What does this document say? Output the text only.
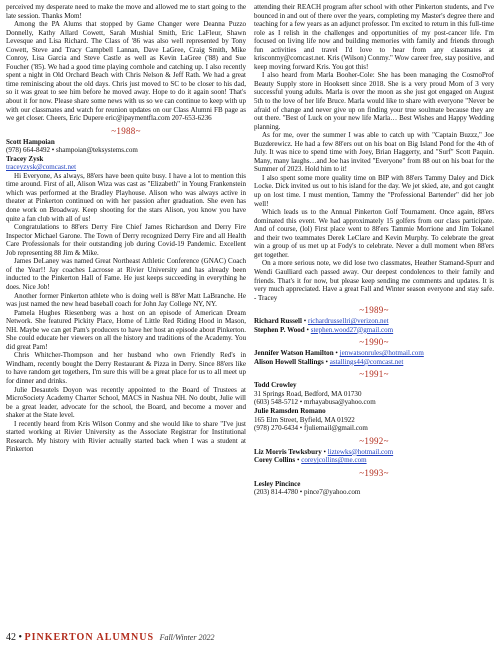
perceived my desperate need to make the move and allowed me to start going to the late session. Thanks Mom!

Among the PA Alums that stopped by Game Changer were Deanna Puzzo Donnelly, Kathy Allard Cowett, Sarah Mushial Smith, Eric LaFleur, Shawn Levesque and Lisa Richard. The Class of '86 was also well represented by Tony Cowett, Steve and Tracy Campbell Lannan, Dave LaGree, Craig Smith, Mike Conroy, Lisa Garcia and Steve Castle as well as Kevin LaGree ('88) and Sue Foucher ('85). We had a good time playing cornhole and catching up. I also recently spent a night in Old Orchard Beach with Chris Nelson & Jeff Rath. We had a great time reminiscing about the old days. Chris just moved to SC to be closer to his dad, so it was great to see him before he moved away. Hope to do it again soon! That's about it for now. Please share some news with us so we can continue to keep with up with our classmates and watch for reunion updates on our Class Alumni FB page as we get closer. Cheers, Eric Dupere eric@ipaymentfla.com 207-653-6236

~1988~

Scott Hampoian

(978) 664-8492 • shampoian@teksystems.com

Tracey Zysk

traceyzysk@comcast.net

Hi Everyone, As always, 88'ers have been quite busy. I have a lot to mention this time around. First of all, Alison Wiza was cast as "Elizabeth" in Young Frankenstein which was performed at the Bradley Playhouse. Alison who was always active in theater at Pinkerton continued on with her passion after graduation. She even has done work on Broadway. Keep shooting for the stars Alison, you know you have quite a fan club with all of us!

Congratulations to 88'ers Derry Fire Chief James Richardson and Derry Fire Inspector Michael Garone. The Town of Derry recognized Derry Fire and all Health Care Professionals for their outstanding job during Covid-19 Pandemic. Excellent Job representing 88 Jim & Mike.

James DeLaney was named Great Northeast Athletic Conference (GNAC) Coach of the Year!! Jay coaches Lacrosse at Rivier University and has already been inducted to the Pinkerton Hall of Fame. He just keeps succeeding in everything he does. Nice Job!

Another former Pinkerton athlete who is doing well is 88'er Matt LaBranche. He was just named the new head baseball coach for John Jay College NY, NY.

Pamela Hughes Riesenberg was a host on an episode of American Dream Network. She featured Pickity Place, Home of Little Red Riding Hood in Mason, NH. Maybe we can get Pam's producers to have her host an episode about Pinkerton. She could educate her viewers on all the history and traditions of the Academy. You did great Pam!

Chris Whitcher-Thompson and her husband who own Friendly Red's in Windham, recently bought the Derry Restaurant & Pizza in Derry. Since 88'ers like to have random get togethers, I'm sure this will be a great place for us to all meet up for dinner and drinks.

Julie Desautels Doyon was recently appointed to the Board of Trustees at MicroSociety Academy Charter School, MACS in Nashua NH. No doubt, Julie will be a great leader, advocate for the school, the Board, and become a mover and shaker at the State level.

I recently heard from Kris Wilson Conmy and she would like to share "I've just started working at Rivier University as the Associate Registrar for Institutional Research. My history with Rivier actually started back when I was a student at Pinkerton

attending their REACH program after school with other Pinkerton students, and I've bounced in and out of there over the years, completing my Master's degree there and teaching for a few years as an adjunct professor. I'm excited to return in this full-time role as I relish in the challenges and opportunities of my post-cancer life. I'm focused on living life now and building memories with family and friends through fun activities and travel I'd love to hear from any classmates at krisconmy@comcast.net. Kris (Wilson) Conmy." Wow career free, stay positive, and keep moving forward Kris. You got this!

I also heard from Marla Booher-Cole: She has been managing the CosmoProf Beauty Supply store in Hooksett since 2018. She is a very proud Mom of 3 very successful young adults. Marla is over the moon as she just got engaged on August 5th to the love of her life Bruce. Marla would like to share with everyone "Never be afraid of change and never give up on finding your true soulmate because they are out there. "Best of Luck on your new life Marla… Best Wishes and Happy Wedding planning.

As for me, over the summer I was able to catch up with "Captain Buzzz," Joe Buzderewicz. He had a few 88'ers out on his boat on Big Island Pond for the 4th of July. It was nice to spend time with Joey, Brian Haggerty, and "Surf" Scott Paquin. Many, many laughs…and Joe has invited "Everyone" from 88 out on his boat for the Summer of 2023. Hold him to it!

I also spent some more quality time on BIP with 88'ers Tammy Daley and Dick Locke. Dick invited us out to his island for the day. We jet skied, ate, and got caught up on lost time. I must mention, Tammy the "Professional Bartender" did her job well!

Which leads us to the Annual Pinkerton Golf Tournament. Once again, 88'ers dominated this event. We had approximately 15 golfers from our class participate. And of course, (lol) First place went to 88'ers Tammie Morrione and Jim Tokanel and their two teammates Derek LeClare and Kevin Murphy. To celebrate the great win a group of us met up at Fody's to celebrate. Never a dull moment when 88'ers get together.

On a more serious note, we did lose two classmates, Heather Stamand-Spurr and Wendi Gaulliard each passed away. Our deepest condolences to their family and friends. That's it for now, but please keep sending me comments and updates. It is very much appreciated. Have a great Fall and Winter season everyone and stay safe. - Tracey

~1989~

Richard Russell • richardrussellri@verizon.net

Stephen P. Wood • stephen.wood27@gmail.com

~1990~

Jennifer Watson Hamilton • jenwatsonrules@hotmail.com

Alison Howell Stallings • astallings44@comcast.net

~1991~

Todd Crowley

31 Springs Road, Bedford, MA 01730

(603) 548-5712 • mrhayabusa@yahoo.com

Julie Ramsden Romano

165 Elm Street, Byfield, MA 01922

(978) 270-6434 • fjuliemail@gmail.com

~1992~

Liz Morris Tewksbury • liztewks@hotmail.com

Corey Collins • coreyjcollins@me.com

~1993~

Lesley Pincince

(203) 814-4780 • pince7@yahoo.com

42 • PINKERTON ALUMNUS Fall/Winter 2022
